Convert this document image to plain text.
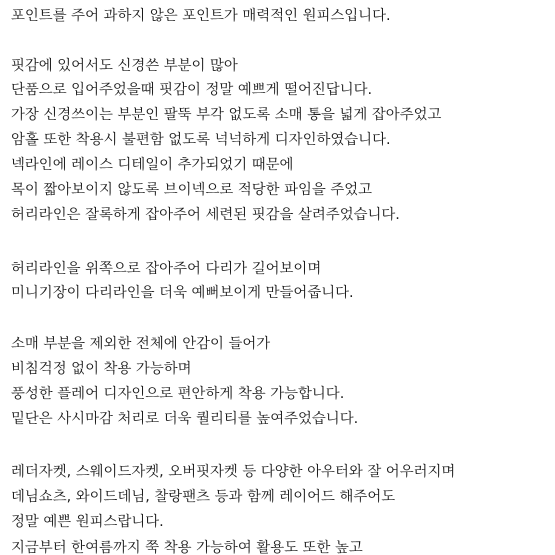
포인트를 주어 과하지 않은 포인트가 매력적인 원피스입니다.
핏감에 있어서도 신경쓴 부분이 많아
단품으로 입어주었을때 핏감이 정말 예쁘게 떨어진답니다.
가장 신경쓰이는 부분인 팔뚝 부각 없도록 소매 통을 넓게 잡아주었고
암홀 또한 착용시 불편함 없도록 넉넉하게 디자인하였습니다.
넥라인에 레이스 디테일이 추가되었기 때문에
목이 짧아보이지 않도록 브이넥으로 적당한 파임을 주었고
허리라인은 잘록하게 잡아주어 세련된 핏감을 살려주었습니다.
허리라인을 위쪽으로 잡아주어 다리가 길어보이며
미니기장이 다리라인을 더욱 예뻐보이게 만들어줍니다.
소매 부분을 제외한 전체에 안감이 들어가
비침걱정 없이 착용 가능하며
풍성한 플레어 디자인으로 편안하게 착용 가능합니다.
밑단은 사시마감 처리로 더욱 퀄리티를 높여주었습니다.
레더자켓, 스웨이드자켓, 오버핏자켓 등 다양한 아우터와 잘 어우러지며
데님쇼츠, 와이드데님, 찰랑팬츠 등과 함께 레이어드 해주어도
정말 예쁜 원피스랍니다.
지금부터 한여름까지 쭉 착용 가능하여 활용도 또한 높고
